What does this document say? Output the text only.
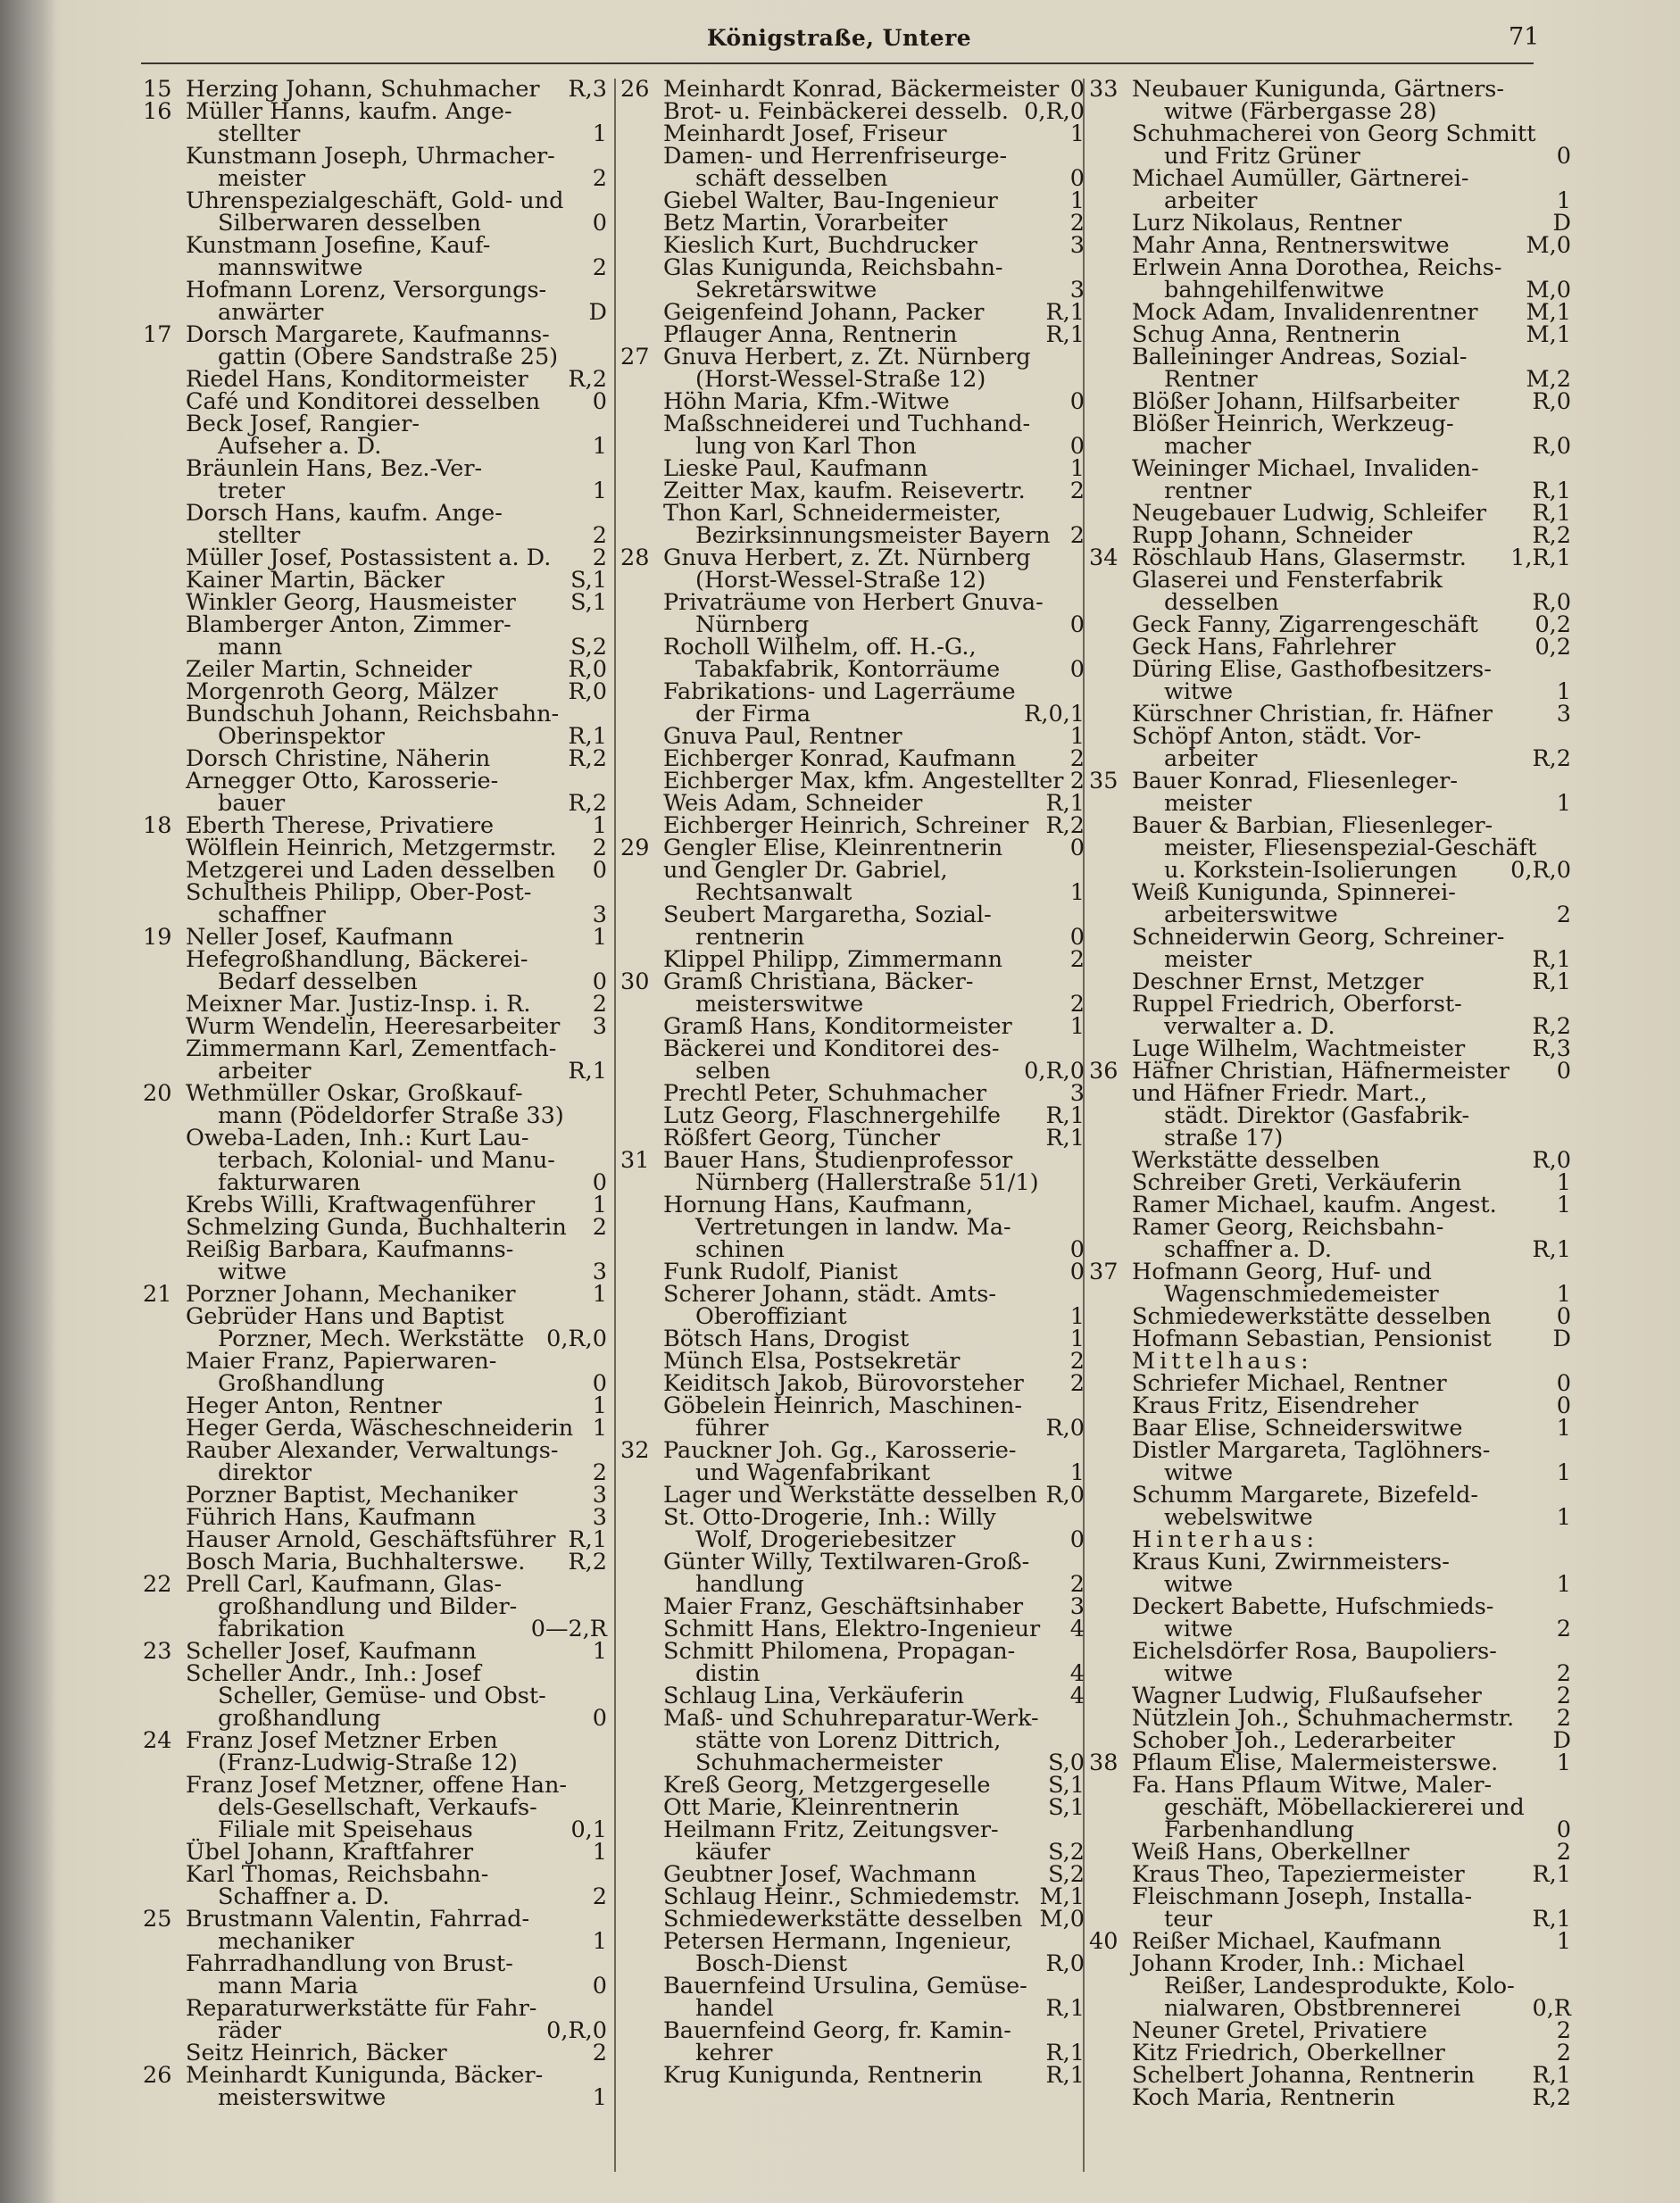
Königstraße, Untere	71
15 Herzing Johann, Schuhmacher R,3
16 Müller Hanns, kaufm. Ange-
stellter	1
Kunstmann Joseph, Uhrmacher-
meister	2
Uhrenspezialgeschäft, Gold- und
Silberwaren desselben	0
Kunstmann Josefine, Kauf-
mannswitwe	2
Hofmann Lorenz, Versorgungs-
anwärter	D
17 Dorsch Margarete, Kaufmanns-
gattin (Obere Sandstraße 25)
Riedel Hans, Konditormeister R,2
Café und Konditorei desselben 0
Beck Josef, Rangier-
Aufseher a. D.	1
Bräunlein Hans, Bez.-Ver-
treter	1
Dorsch Hans, kaufm. Ange-
stellter	2
Müller Josef, Postassistent a. D. 2
Kainer Martin, Bäcker	S,1
Winkler Georg, Hausmeister S,1
Blamberger Anton, Zimmer-
mann	S,2
Zeiler Martin, Schneider	R,0
Morgenroth Georg, Mälzer	R,0
Bundschuh Johann, Reichsbahn-
Oberinspektor	R,1
Dorsch Christine, Näherin	R,2
Arnegger Otto, Karosserie-
bauer	R,2
18 Eberth Therese, Privatiere	1
Wölflein Heinrich, Metzgermstr. 2
Metzgerei und Laden desselben 0
Schultheis Philipp, Ober-Post-
schaffner	3
19 Neller Josef, Kaufmann	1
Hefegroßhandlung, Bäckerei-
Bedarf desselben	0
Meixner Mar. Justiz-Insp. i. R.	2
Wurm Wendelin, Heeresarbeiter 3
Zimmermann Karl, Zementfach-
arbeiter	R,1
20 Wethmüller Oskar, Großkauf-
mann (Pödeldorfer Straße 33)
Oweba-Laden, Inh.: Kurt Lau-
terbach, Kolonial- und Manu-
fakturwaren	0
Krebs Willi, Kraftwagenführer	1
Schmelzing Gunda, Buchhalterin 2
Reißig Barbara, Kaufmanns-
witwe	3
21 Porzner Johann, Mechaniker	1
Gebrüder Hans und Baptist
Porzner, Mech. Werkstätte 0,R,0
Maier Franz, Papierwaren-
Großhandlung	0
Heger Anton, Rentner	1
Heger Gerda, Wäscheschneiderin 1
Rauber Alexander, Verwaltungs-
direktor	2
Porzner Baptist, Mechaniker	3
Führich Hans, Kaufmann	3
Hauser Arnold, Geschäftsführer R,1
Bosch Maria, Buchhalterswe. R,2
22 Prell Carl, Kaufmann, Glas-
großhandlung und Bilder-
fabrikation	0—2,R
23 Scheller Josef, Kaufmann	1
Scheller Andr., Inh.: Josef
Scheller, Gemüse- und Obst-
großhandlung	0
24 Franz Josef Metzner Erben
(Franz-Ludwig-Straße 12)
Franz Josef Metzner, offene Han-
dels-Gesellschaft, Verkaufs-
Filiale mit Speisehaus	0,1
Übel Johann, Kraftfahrer	1
Karl Thomas, Reichsbahn-
Schaffner a. D.	2
25 Brustmann Valentin, Fahrrad-
mechaniker	1
Fahrradhandlung von Brust-
mann Maria	0
Reparaturwerkstätte für Fahr-
räder	0,R,0
Seitz Heinrich, Bäcker	2
26 Meinhardt Kunigunda, Bäcker-
meisterswitwe	1
26 Meinhardt Konrad, Bäckermeister 0
Brot- u. Feinbäckerei desselb. 0,R,0
Meinhardt Josef, Friseur	1
Damen- und Herrenfriseurge-
schäft desselben	0
Giebel Walter, Bau-Ingenieur	1
Betz Martin, Vorarbeiter	2
Kieslich Kurt, Buchdrucker	3
Glas Kunigunda, Reichsbahn-
Sekretärswitwe	3
Geigenfeind Johann, Packer	R,1
Pflauger Anna, Rentnerin	R,1
27 Gnuva Herbert, z. Zt. Nürnberg
(Horst-Wessel-Straße 12)
Höhn Maria, Kfm.-Witwe	0
Maßschneiderei und Tuchhand-
lung von Karl Thon	0
Lieske Paul, Kaufmann	1
Zeitter Max, kaufm. Reisevertr. 2
Thon Karl, Schneidermeister,
Bezirksinnungsmeister Bayern 2
28 Gnuva Herbert, z. Zt. Nürnberg
(Horst-Wessel-Straße 12)
Privaträume von Herbert Gnuva-
Nürnberg	0
Rocholl Wilhelm, off. H.-G.,
Tabakfabrik, Kontorräume	0
Fabrikations- und Lagerräume
der Firma	R,0,1
Gnuva Paul, Rentner	1
Eichberger Konrad, Kaufmann 2
Eichberger Max, kfm. Angestellter 2
Weis Adam, Schneider	R,1
Eichberger Heinrich, Schreiner R,2
29 Gengler Elise, Kleinrentnerin	0
und Gengler Dr. Gabriel,
Rechtsanwalt	1
Seubert Margaretha, Sozial-
rentnerin	0
Klippel Philipp, Zimmermann	2
30 Gramß Christiana, Bäcker-
meisterswitwe	2
Gramß Hans, Konditormeister	1
Bäckerei und Konditorei des-
selben	0,R,0
Prechtl Peter, Schuhmacher	3
Lutz Georg, Flaschnergehilfe R,1
Rößfert Georg, Tüncher	R,1
31 Bauer Hans, Studienprofessor
Nürnberg (Hallerstraße 51/1)
Hornung Hans, Kaufmann,
Vertretungen in landw. Ma-
schinen	0
Funk Rudolf, Pianist	0
Scherer Johann, städt. Amts-
Oberoffiziant	1
Bötsch Hans, Drogist	1
Münch Elsa, Postsekretär	2
Keiditsch Jakob, Bürovorsteher 2
Göbelein Heinrich, Maschinen-
führer	R,0
32 Pauckner Joh. Gg., Karosserie-
und Wagenfabrikant	1
Lager und Werkstätte desselben R,0
St. Otto-Drogerie, Inh.: Willy
Wolf, Drogeriebesitzer	0
Günter Willy, Textilwaren-Groß-
handlung	2
Maier Franz, Geschäftsinhaber 3
Schmitt Hans, Elektro-Ingenieur 4
Schmitt Philomena, Propagan-
distin	4
Schlaug Lina, Verkäuferin	4
Maß- und Schuhreparatur-Werk-
stätte von Lorenz Dittrich,
Schuhmachermeister	S,0
Kreß Georg, Metzgergeselle	S,1
Ott Marie, Kleinrentnerin	S,1
Heilmann Fritz, Zeitungsver-
käufer	S,2
Geubtner Josef, Wachmann	S,2
Schlaug Heinr., Schmiedemstr. M,1
Schmiedewerkstätte desselben M,0
Petersen Hermann, Ingenieur,
Bosch-Dienst	R,0
Bauernfeind Ursulina, Gemüse-
handel	R,1
Bauernfeind Georg, fr. Kamin-
kehrer	R,1
Krug Kunigunda, Rentnerin	R,1
33 Neubauer Kunigunda, Gärtners-
witwe (Färbergasse 28)
Schuhmacherei von Georg Schmitt
und Fritz Grüner	0
Michael Aumüller, Gärtnerei-
arbeiter	1
Lurz Nikolaus, Rentner	D
Mahr Anna, Rentnerswitwe	M,0
Erlwein Anna Dorothea, Reichs-
bahngehilfenwitwe	M,0
Mock Adam, Invalidenrentner M,1
Schug Anna, Rentnerin	M,1
Balleininger Andreas, Sozial-
Rentner	M,2
Blößer Johann, Hilfsarbeiter	R,0
Blößer Heinrich, Werkzeug-
macher	R,0
Weininger Michael, Invaliden-
rentner	R,1
Neugebauer Ludwig, Schleifer R,1
Rupp Johann, Schneider	R,2
34 Röschlaub Hans, Glasermstr. 1,R,1
Glaserei und Fensterfabrik
desselben	R,0
Geck Fanny, Zigarrengeschäft 0,2
Geck Hans, Fahrlehrer	0,2
Düring Elise, Gasthofbesitzers-
witwe	1
Kürschner Christian, fr. Häfner	3
Schöpf Anton, städt. Vor-
arbeiter	R,2
35 Bauer Konrad, Fliesenleger-
meister	1
Bauer & Barbian, Fliesenleger-
meister, Fliesenspezial-Geschäft
u. Korkstein-Isolierungen 0,R,0
Weiß Kunigunda, Spinnerei-
arbeiterswitwe	2
Schneiderwin Georg, Schreiner-
meister	R,1
Deschner Ernst, Metzger	R,1
Ruppel Friedrich, Oberforst-
verwalter a. D.	R,2
Luge Wilhelm, Wachtmeister	R,3
36 Häfner Christian, Häfnermeister 0
und Häfner Friedr. Mart.,
städt. Direktor (Gasfabrik-
straße 17)
Werkstätte desselben	R,0
Schreiber Greti, Verkäuferin	1
Ramer Michael, kaufm. Angest.	1
Ramer Georg, Reichsbahn-
schaffner a. D.	R,1
37 Hofmann Georg, Huf- und
Wagenschmiedemeister	1
Schmiedewerkstätte desselben	0
Hofmann Sebastian, Pensionist	D
Mittelhaus:
Schriefer Michael, Rentner	0
Kraus Fritz, Eisendreher	0
Baar Elise, Schneiderswitwe	1
Distler Margareta, Taglöhners-
witwe	1
Schumm Margarete, Bizefeld-
webelswitwe	1
Hinterhaus:
Kraus Kuni, Zwirnmeisters-
witwe	1
Deckert Babette, Hufschmieds-
witwe	2
Eichelsdörfer Rosa, Baupoliers-
witwe	2
Wagner Ludwig, Flußaufseher	2
Nützlein Joh., Schuhmachermstr. 2
Schober Joh., Lederarbeiter	D
38 Pflaum Elise, Malermeisterswe.	1
Fa. Hans Pflaum Witwe, Maler-
geschäft, Möbellackiererei und
Farbenhandlung	0
Weiß Hans, Oberkellner	2
Kraus Theo, Tapeziermeister	R,1
Fleischmann Joseph, Installa-
teur	R,1
40 Reißer Michael, Kaufmann	1
Johann Kroder, Inh.: Michael
Reißer, Landesprodukte, Kolo-
nialwaren, Obstbrennerei	0,R
Neuner Gretel, Privatiere	2
Kitz Friedrich, Oberkellner	2
Schelbert Johanna, Rentnerin	R,1
Koch Maria, Rentnerin	R,2
